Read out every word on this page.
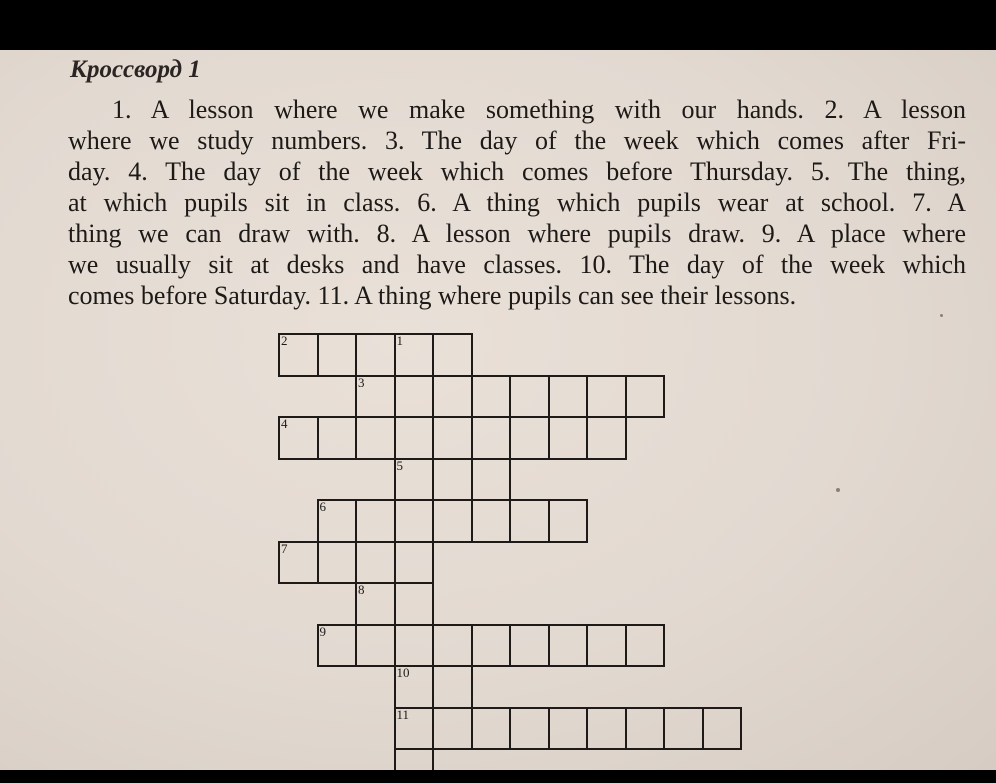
Кроссворд 1
1. A lesson where we make something with our hands. 2. A lesson
where we study numbers. 3. The day of the week which comes after Fri-
day. 4. The day of the week which comes before Thursday. 5. The thing,
at which pupils sit in class. 6. A thing which pupils wear at school. 7. A
thing we can draw with. 8. A lesson where pupils draw. 9. A place where
we usually sit at desks and have classes. 10. The day of the week which
comes before Saturday. 11. A thing where pupils can see their lessons.
2	1
5
10
11
3
4
6
7
8
9
